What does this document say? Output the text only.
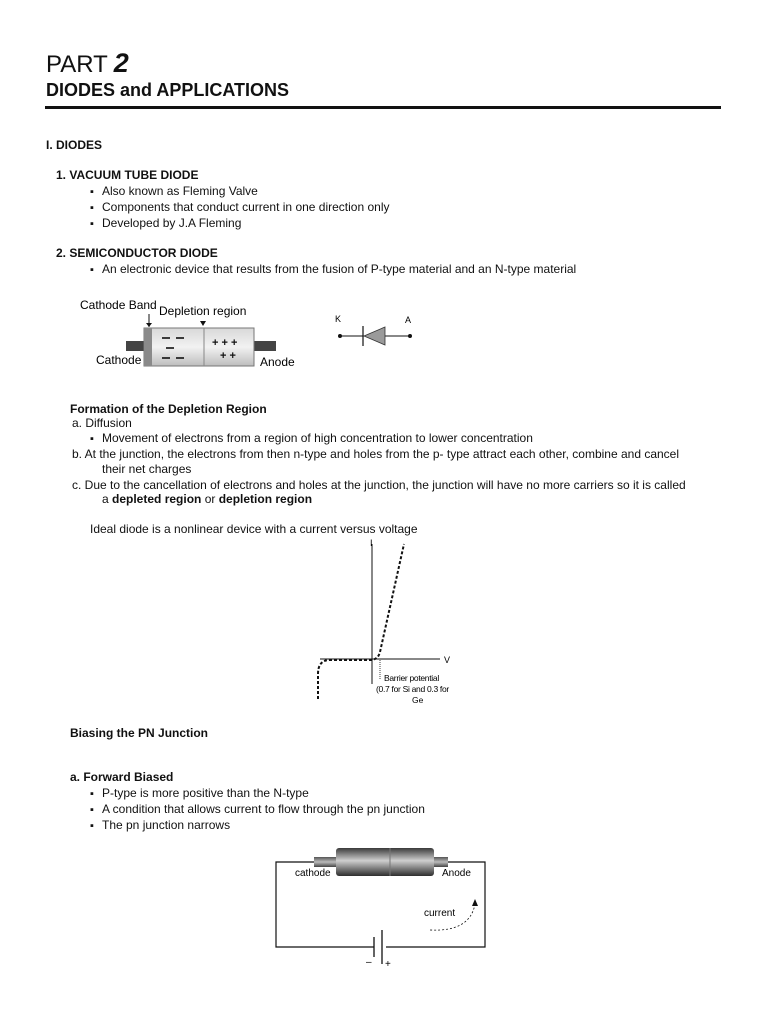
PART 2
DIODES and APPLICATIONS
I. DIODES
1. VACUUM TUBE DIODE
▪ Also known as Fleming Valve
▪ Components that conduct current in one direction only
▪ Developed by J.A Fleming
2. SEMICONDUCTOR DIODE
▪ An electronic device that results from the fusion of P-type material and an N-type material
+ + +
+ +
Cathode Band Depletion region
Cathode	Anode
K	A
Formation of the Depletion Region
a. Diffusion
▪ Movement of electrons from a region of high concentration to lower concentration
b. At the junction, the electrons from then n-type and holes from the p- type attract each other, combine and cancel
their net charges
c. Due to the cancellation of electrons and holes at the junction, the junction will have no more carriers so it is called
a depleted region or depletion region
Ideal diode is a nonlinear device with a current versus voltage
I
V
Barrier potential
(0.7 for Si and 0.3 for
Ge
Biasing the PN Junction
a. Forward Biased
▪ P-type is more positive than the N-type
▪ A condition that allows current to flow through the pn junction
▪ The pn junction narrows
cathode	Anode
current
– +
